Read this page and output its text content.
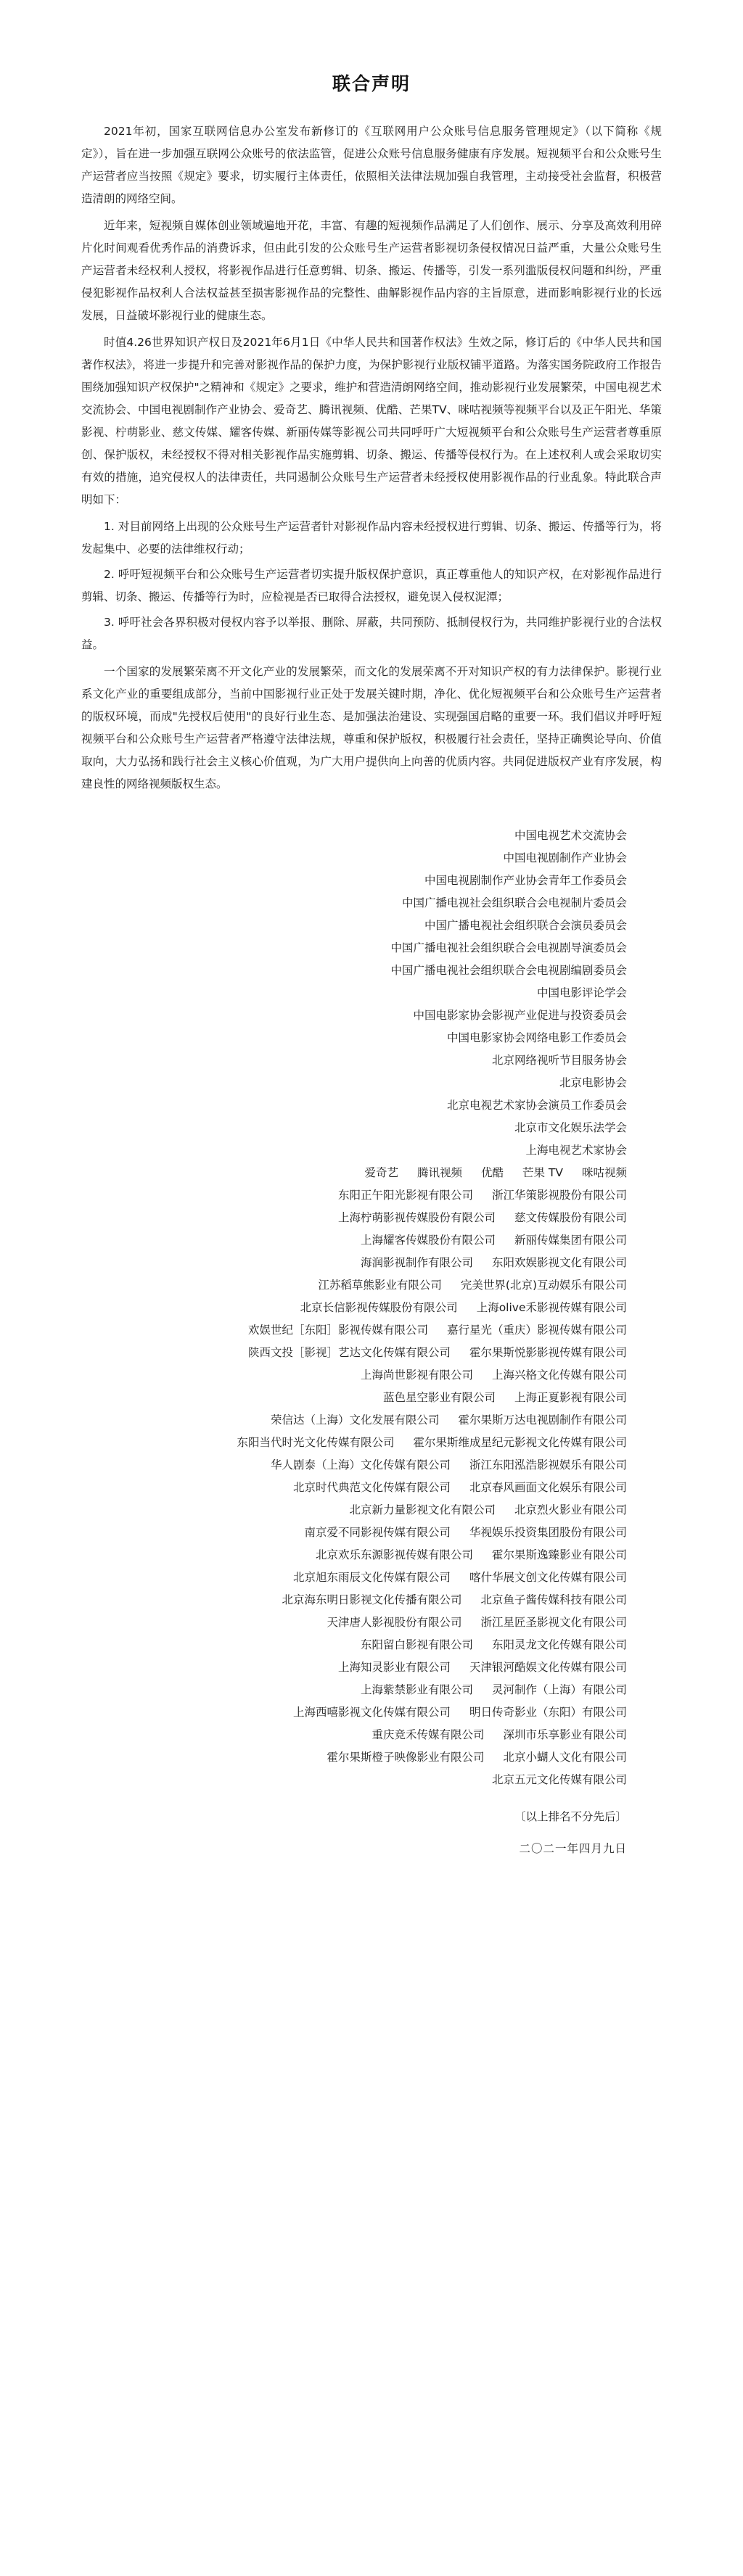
联合声明

2021年初，国家互联网信息办公室发布新修订的《互联网用户公众账号信息服务管理规定》（以下简称《规定》），旨在进一步加强互联网公众账号的依法监管，促进公众账号信息服务健康有序发展。短视频平台和公众账号生产运营者应当按照《规定》要求，切实履行主体责任，依照相关法律法规加强自我管理，主动接受社会监督，积极营造清朗的网络空间。

近年来，短视频自媒体创业领域遍地开花，丰富、有趣的短视频作品满足了人们创作、展示、分享及高效利用碎片化时间观看优秀作品的消费诉求，但由此引发的公众账号生产运营者影视切条侵权情况日益严重，大量公众账号生产运营者未经权利人授权，将影视作品进行任意剪辑、切条、搬运、传播等，引发一系列滥版侵权问题和纠纷，严重侵犯影视作品权利人合法权益甚至损害影视作品的完整性、曲解影视作品内容的主旨原意，进而影响影视行业的长远发展，日益破坏影视行业的健康生态。

时值4.26世界知识产权日及2021年6月1日《中华人民共和国著作权法》生效之际，修订后的《中华人民共和国著作权法》，将进一步提升和完善对影视作品的保护力度，为保护影视行业版权铺平道路。为落实国务院政府工作报告围绕加强知识产权保护"之精神和《规定》之要求，维护和营造清朗网络空间，推动影视行业发展繁荣，中国电视艺术交流协会、中国电视剧制作产业协会、爱奇艺、腾讯视频、优酷、芒果TV、咪咕视频等视频平台以及正午阳光、华策影视、柠萌影业、慈文传媒、耀客传媒、新丽传媒等影视公司共同呼吁广大短视频平台和公众账号生产运营者尊重原创、保护版权，未经授权不得对相关影视作品实施剪辑、切条、搬运、传播等侵权行为。在上述权利人或会采取切实有效的措施，追究侵权人的法律责任，共同遏制公众账号生产运营者未经授权使用影视作品的行业乱象。特此联合声明如下：

1. 对目前网络上出现的公众账号生产运营者针对影视作品内容未经授权进行剪辑、切条、搬运、传播等行为，将发起集中、必要的法律维权行动；

2. 呼吁短视频平台和公众账号生产运营者切实提升版权保护意识，真正尊重他人的知识产权，在对影视作品进行剪辑、切条、搬运、传播等行为时，应检视是否已取得合法授权，避免误入侵权泥潭；

3. 呼吁社会各界积极对侵权内容予以举报、删除、屏蔽，共同预防、抵制侵权行为，共同维护影视行业的合法权益。

一个国家的发展繁荣离不开文化产业的发展繁荣，而文化的发展荣离不开对知识产权的有力法律保护。影视行业系文化产业的重要组成部分，当前中国影视行业正处于发展关键时期，净化、优化短视频平台和公众账号生产运营者的版权环境，而成"先授权后使用"的良好行业生态、是加强法治建设、实现强国启略的重要一环。我们倡议并呼吁短视频平台和公众账号生产运营者严格遵守法律法规，尊重和保护版权，积极履行社会责任，坚持正确舆论导向、价值取向，大力弘扬和践行社会主义核心价值观，为广大用户提供向上向善的优质内容。共同促进版权产业有序发展，构建良性的网络视频版权生态。

中国电视艺术交流协会
中国电视剧制作产业协会
中国电视剧制作产业协会青年工作委员会
中国广播电视社会组织联合会电视制片委员会
中国广播电视社会组织联合会演员委员会
中国广播电视社会组织联合会电视剧导演委员会
中国广播电视社会组织联合会电视剧编剧委员会
中国电影评论学会
中国电影家协会影视产业促进与投资委员会
中国电影家协会网络电影工作委员会
北京网络视听节目服务协会
北京电影协会
北京电视艺术家协会演员工作委员会
北京市文化娱乐法学会
上海电视艺术家协会
爱奇艺 腾讯视频 优酷 芒果 TV 咪咕视频
东阳正午阳光影视有限公司 浙江华策影视股份有限公司
上海柠萌影视传媒股份有限公司 慈文传媒股份有限公司
上海耀客传媒股份有限公司 新丽传媒集团有限公司
海润影视制作有限公司 东阳欢娱影视文化有限公司
江苏稻草熊影业有限公司 完美世界(北京)互动娱乐有限公司
北京长信影视传媒股份有限公司 上海olive禾影视传媒有限公司
欢娱世纪［东阳］影视传媒有限公司 嘉行星光（重庆）影视传媒有限公司
陕西文投［影视］艺达文化传媒有限公司 霍尔果斯悦影影视传媒有限公司
上海尚世影视有限公司 上海兴格文化传媒有限公司
蓝色星空影业有限公司 上海正夏影视有限公司
荣信达（上海）文化发展有限公司 霍尔果斯万达电视剧制作有限公司
东阳当代时光文化传媒有限公司 霍尔果斯维成星纪元影视文化传媒有限公司
华人剧泰（上海）文化传媒有限公司 浙江东阳泓浩影视娱乐有限公司
北京时代典范文化传媒有限公司 北京春风画面文化娱乐有限公司
北京新力量影视文化有限公司 北京烈火影业有限公司
南京爱不同影视传媒有限公司 华视娱乐投资集团股份有限公司
北京欢乐东源影视传媒有限公司 霍尔果斯逸臻影业有限公司
北京旭东雨辰文化传媒有限公司 喀什华展文创文化传媒有限公司
北京海东明日影视文化传播有限公司 北京鱼子酱传媒科技有限公司
天津唐人影视股份有限公司 浙江星匠圣影视文化有限公司
东阳留白影视有限公司 东阳灵龙文化传媒有限公司
上海知灵影业有限公司 天津银河酷娱文化传媒有限公司
上海紫禁影业有限公司 灵河制作（上海）有限公司
上海西嘻影视文化传媒有限公司 明日传奇影业（东阳）有限公司
重庆竞禾传媒有限公司 深圳市乐享影业有限公司
霍尔果斯橙子映像影业有限公司 北京小蝴人文化有限公司
北京五元文化传媒有限公司
〔以上排名不分先后〕
二〇二一年四月九日
